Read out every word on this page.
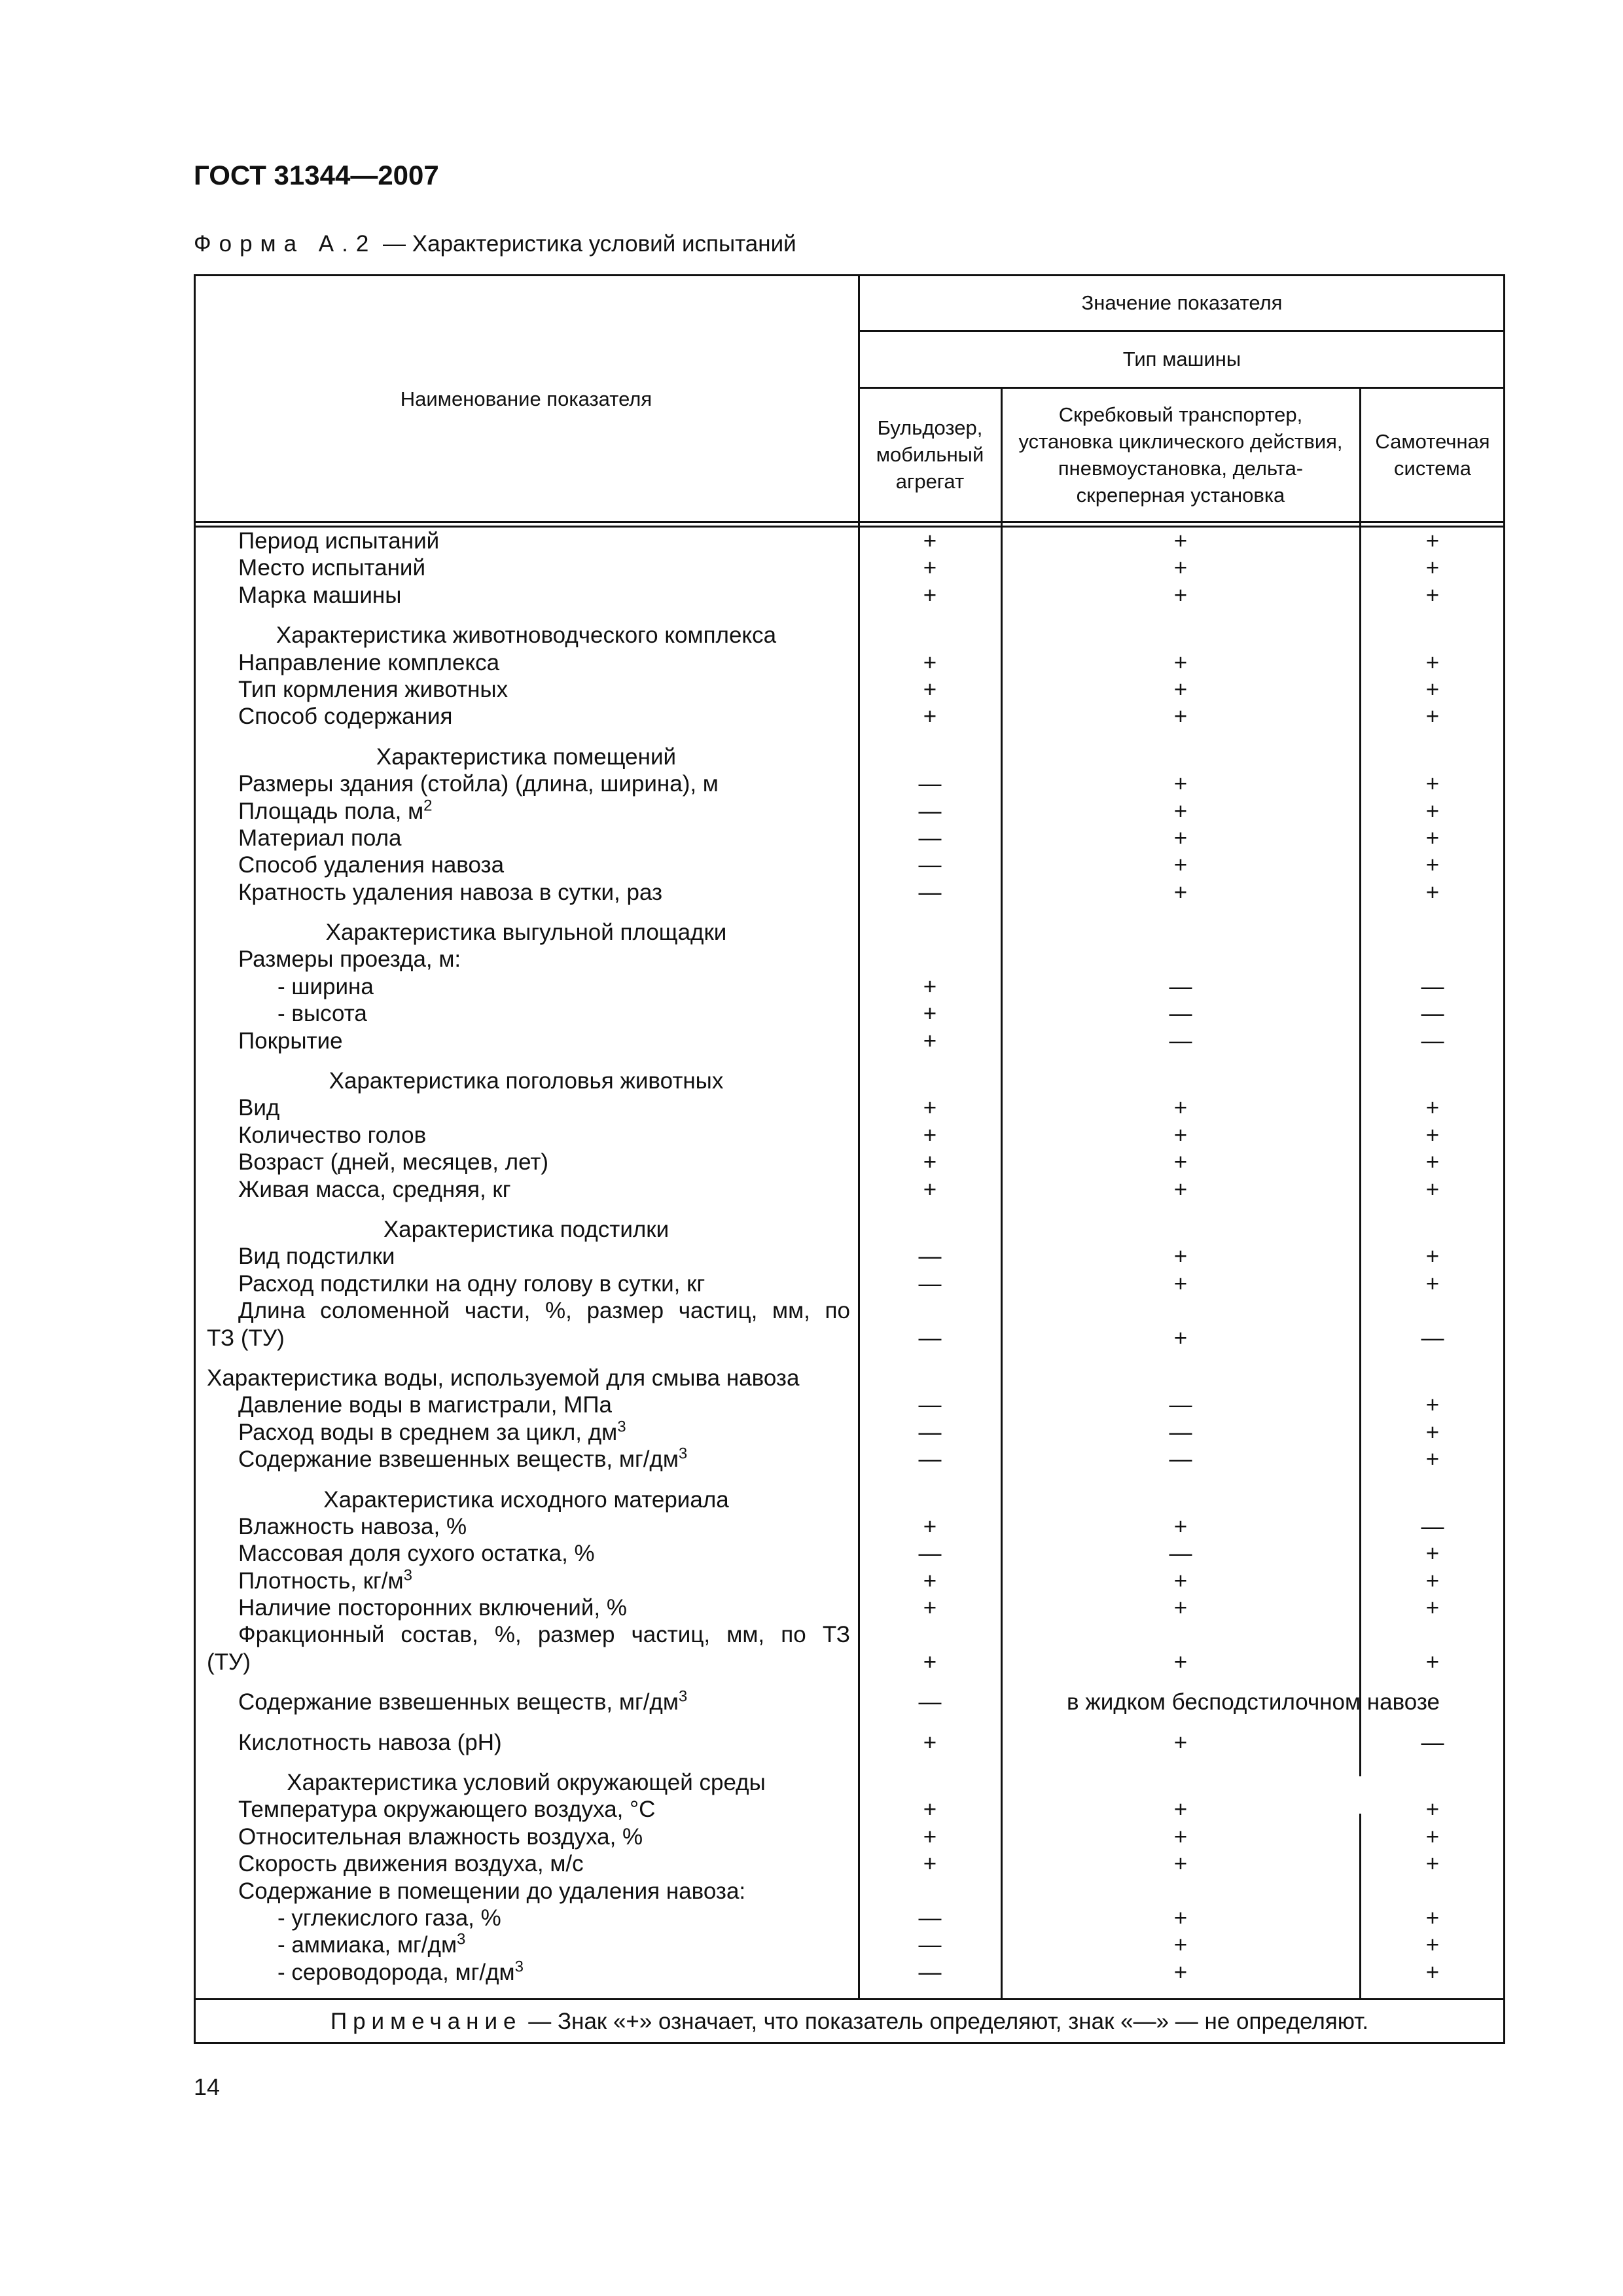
ГОСТ 31344—2007
Форма А.2 — Характеристика условий испытаний
Наименование показателя
Значение показателя
Тип машины
Бульдозер, мобильный агрегат
Скребковый транспортер, установка циклического действия, пневмоустановка, дельта-скреперная установка
Самотечная система
Период испытаний	+	+	+
Место испытаний	+	+	+
Марка машины	+	+	+
Характеристика животноводческого комплекса
Направление комплекса	+	+	+
Тип кормления животных	+	+	+
Способ содержания	+	+	+
Характеристика помещений
Размеры здания (стойла) (длина, ширина), м	—	+	+
Площадь пола, $м^2$	—	+	+
Материал пола	—	+	+
Способ удаления навоза	—	+	+
Кратность удаления навоза в сутки, раз	—	+	+
Характеристика выгульной площадки
Размеры проезда, м:
- ширина	+	—	—
- высота	+	—	—
Покрытие	+	—	—
Характеристика поголовья животных
Вид	+	+	+
Количество голов	+	+	+
Возраст (дней, месяцев, лет)	+	+	+
Живая масса, средняя, кг	+	+	+
Характеристика подстилки
Вид подстилки	—	+	+
Расход подстилки на одну голову в сутки, кг	—	+	+
Длина соломенной части, %, размер частиц, мм, по
ТЗ (ТУ)	—	+	—
Характеристика воды, используемой для смыва навоза
Давление воды в магистрали, МПа	—	—	+
Расход воды в среднем за цикл, $дм^3$	—	—	+
Содержание взвешенных веществ, $мг/дм^3$	—	—	+
Характеристика исходного материала
Влажность навоза, %	+	+	—
Массовая доля сухого остатка, %	—	—	+
Плотность, $кг/м^3$	+	+	+
Наличие посторонних включений, %	+	+	+
Фракционный состав, %, размер частиц, мм, по ТЗ
(ТУ)	+	+	+
Содержание взвешенных веществ, $мг/дм^3$	—	в жидком бесподстилочном навозе
Кислотность навоза (рН)	+	+	—
Характеристика условий окружающей среды
Температура окружающего воздуха, °С	+	+	+
Относительная влажность воздуха, %	+	+	+
Скорость движения воздуха, м/с	+	+	+
Содержание в помещении до удаления навоза:
- углекислого газа, %	—	+	+
- аммиака, $мг/дм^3$	—	+	+
- сероводорода, $мг/дм^3$	—	+	+
Примечание — Знак «+» означает, что показатель определяют, знак «—» — не определяют.
14
